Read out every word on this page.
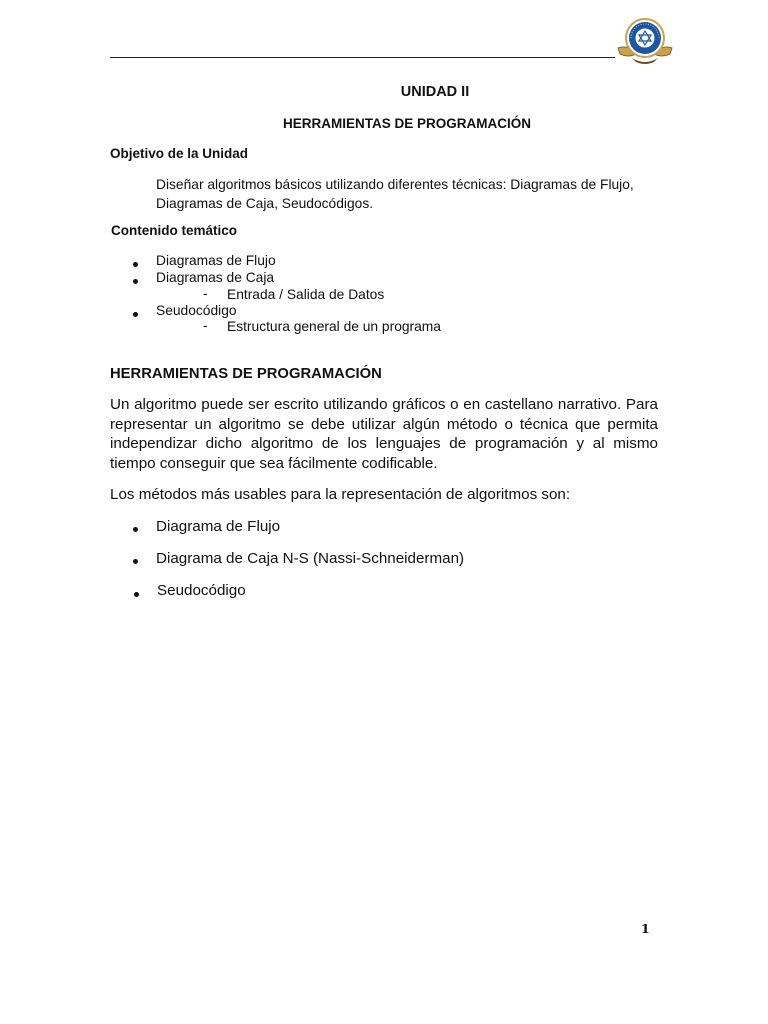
UNIDAD II
HERRAMIENTAS DE PROGRAMACIÓN
Objetivo de la Unidad
Diseñar algoritmos básicos utilizando diferentes técnicas: Diagramas de Flujo,
Diagramas de Caja, Seudocódigos.
Contenido temático
Diagramas de Flujo
Diagramas de Caja
- Entrada / Salida de Datos
Seudocódigo
- Estructura general de un programa
HERRAMIENTAS DE PROGRAMACIÓN
Un algoritmo puede ser escrito utilizando gráficos o en castellano narrativo. Para representar un algoritmo se debe utilizar algún método o técnica que permita independizar dicho algoritmo de los lenguajes de programación y al mismo tiempo conseguir que sea fácilmente codificable.
Los métodos más usables para la representación de algoritmos son:
Diagrama de Flujo
Diagrama de Caja N-S (Nassi-Schneiderman)
Seudocódigo
1
